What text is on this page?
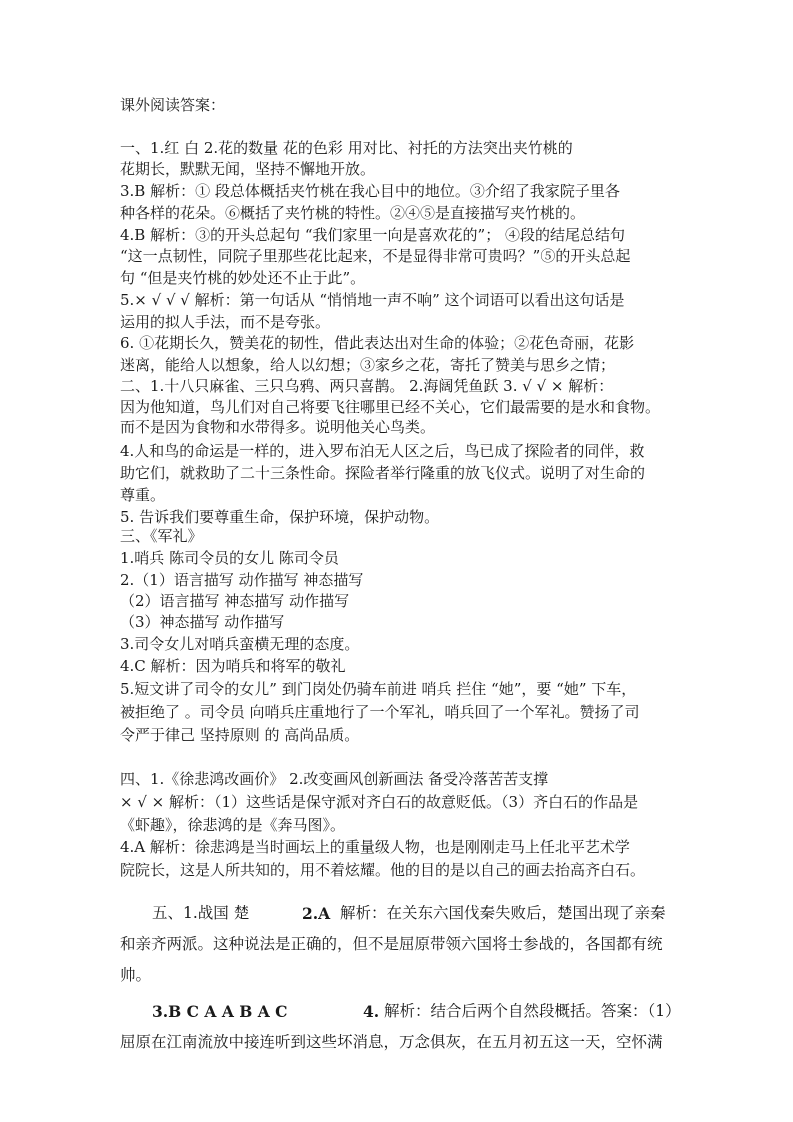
课外阅读答案：
一、1.红 白 2.花的数量 花的色彩 用对比、衬托的方法突出夹竹桃的
花期长，默默无闻，坚持不懈地开放。
3.B 解析：① 段总体概括夹竹桃在我心目中的地位。③介绍了我家院子里各
种各样的花朵。⑥概括了夹竹桃的特性。②④⑤是直接描写夹竹桃的。
4.B 解析：③的开头总起句 “我们家里一向是喜欢花的”； ④段的结尾总结句
“这一点韧性，同院子里那些花比起来，不是显得非常可贵吗？”⑤的开头总起
句 “但是夹竹桃的妙处还不止于此”。
5.× √ √ √ 解析：第一句话从 “悄悄地一声不响” 这个词语可以看出这句话是
运用的拟人手法，而不是夸张。
6. ①花期长久，赞美花的韧性，借此表达出对生命的体验；②花色奇丽，花影
迷离，能给人以想象，给人以幻想；③家乡之花，寄托了赞美与思乡之情；
二、1.十八只麻雀、三只乌鸦、两只喜鹊。 2.海阔凭鱼跃 3. √ √ × 解析：
因为他知道，鸟儿们对自己将要飞往哪里已经不关心，它们最需要的是水和食物。
而不是因为食物和水带得多。说明他关心鸟类。
4.人和鸟的命运是一样的，进入罗布泊无人区之后，鸟已成了探险者的同伴，救
助它们，就救助了二十三条性命。探险者举行隆重的放飞仪式。说明了对生命的
尊重。
5. 告诉我们要尊重生命，保护环境，保护动物。
三、《军礼》
1.哨兵 陈司令员的女儿 陈司令员
2.（1）语言描写 动作描写 神态描写
（2）语言描写 神态描写 动作描写
（3）神态描写 动作描写
3.司令女儿对哨兵蛮横无理的态度。
4.C 解析：因为哨兵和将军的敬礼
5.短文讲了司令的女儿” 到门岗处仍骑车前进 哨兵 拦住 “她”，要 “她” 下车，
被拒绝了 。司令员 向哨兵庄重地行了一个军礼，哨兵回了一个军礼。赞扬了司
令严于律己 坚持原则 的 高尚品质。
四、1.《徐悲鸿改画价》 2.改变画风创新画法 备受冷落苦苦支撑
× √ × 解析：（1）这些话是保守派对齐白石的故意贬低。（3）齐白石的作品是
《虾趣》，徐悲鸿的是《奔马图》。
4.A 解析：徐悲鸿是当时画坛上的重量级人物，也是刚刚走马上任北平艺术学
院院长，这是人所共知的，用不着炫耀。他的目的是以自己的画去抬高齐白石。
五、1.战国 楚	2.A 解析：在关东六国伐秦失败后，楚国出现了亲秦
和亲齐两派。这种说法是正确的，但不是屈原带领六国将士参战的，各国都有统
帅。
3.B C A A B A C	4. 解析：结合后两个自然段概括。答案：（1）
屈原在江南流放中接连听到这些坏消息，万念俱灰，在五月初五这一天，空怀满
